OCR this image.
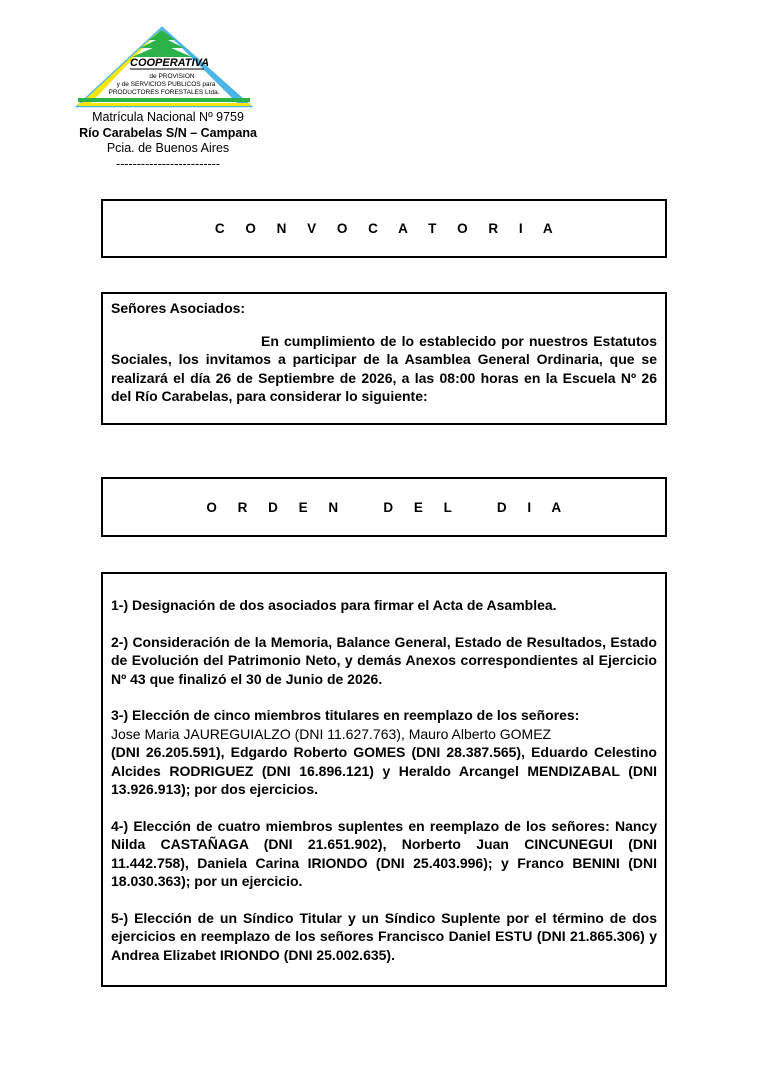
COOPERATIVA
de PROVISION
y de SERVICIOS PUBLICOS para
PRODUCTORES FORESTALES Ltda.
Matrícula Nacional Nº 9759
Río Carabelas S/N – Campana
Pcia. de Buenos Aires
-------------------------
C O N V O C A T O R I A
Señores Asociados:
En cumplimiento de lo establecido por nuestros Estatutos Sociales, los invitamos a participar de la Asamblea General Ordinaria, que se realizará el día 26 de Septiembre de 2026, a las 08:00 horas en la Escuela Nº 26 del Río Carabelas, para considerar lo siguiente:
O R D E N   D E L   D I A
1-) Designación de dos asociados para firmar el Acta de Asamblea.
2-) Consideración de la Memoria, Balance General, Estado de Resultados, Estado de Evolución del Patrimonio Neto, y demás Anexos correspondientes al Ejercicio Nº 43 que finalizó el 30 de Junio de 2026.
3-) Elección de cinco miembros titulares en reemplazo de los señores:
Jose Maria JAUREGUIALZO (DNI 11.627.763), Mauro Alberto GOMEZ
(DNI 26.205.591), Edgardo Roberto GOMES (DNI 28.387.565), Eduardo Celestino Alcides RODRIGUEZ (DNI 16.896.121) y Heraldo Arcangel MENDIZABAL (DNI 13.926.913); por dos ejercicios.
4-) Elección de cuatro miembros suplentes en reemplazo de los señores: Nancy Nilda CASTAÑAGA (DNI 21.651.902), Norberto Juan CINCUNEGUI (DNI 11.442.758), Daniela Carina IRIONDO (DNI 25.403.996); y Franco BENINI (DNI 18.030.363); por un ejercicio.
5-) Elección de un Síndico Titular y un Síndico Suplente por el término de dos ejercicios en reemplazo de los señores Francisco Daniel ESTU (DNI 21.865.306) y Andrea Elizabet IRIONDO (DNI 25.002.635).
